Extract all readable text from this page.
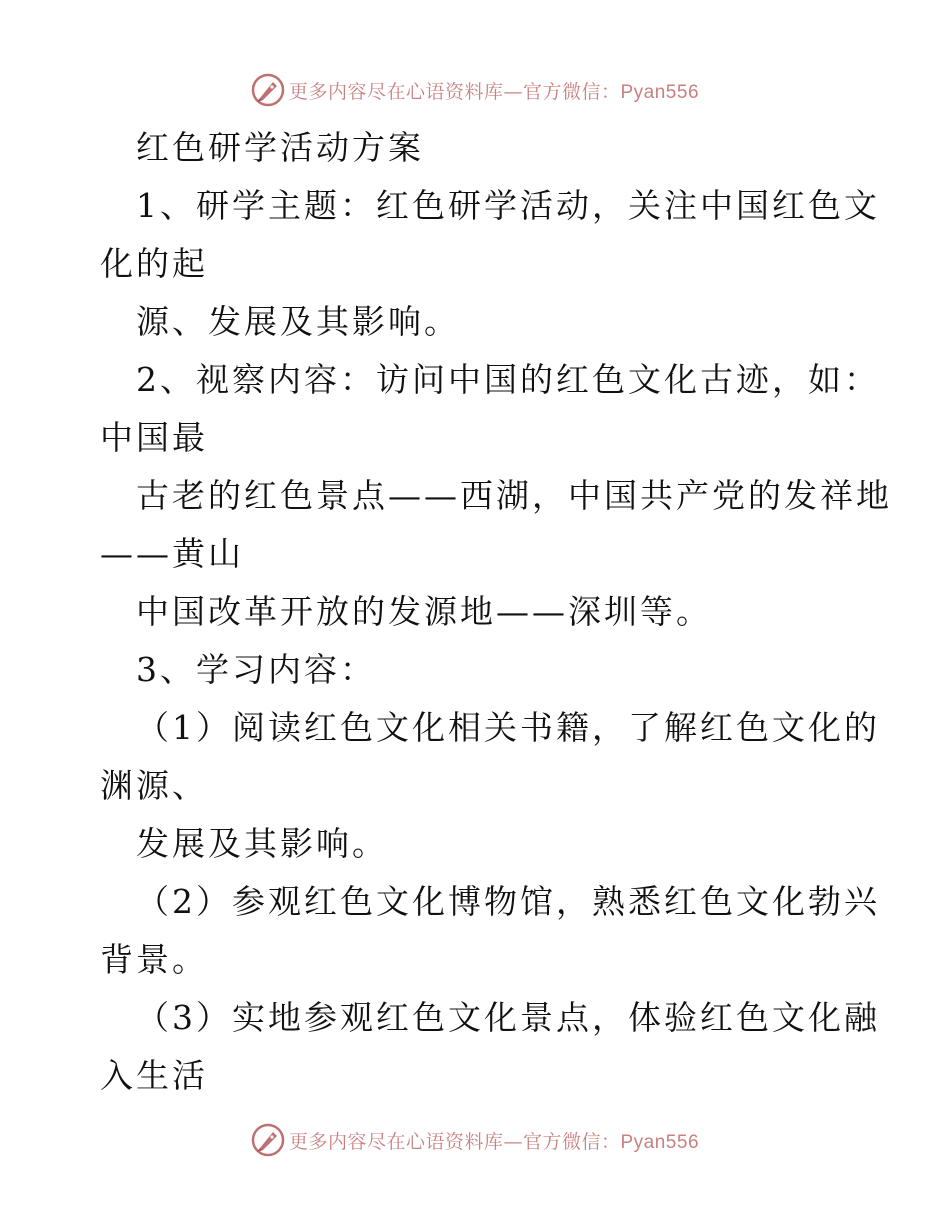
更多内容尽在心语资料库—官方微信：Pyan556
红色研学活动方案
1、研学主题：红色研学活动，关注中国红色文
化的起
源、发展及其影响。
2、视察内容：访问中国的红色文化古迹，如：
中国最
古老的红色景点——西湖，中国共产党的发祥地
——黄山
中国改革开放的发源地——深圳等。
3、学习内容：
（1）阅读红色文化相关书籍，了解红色文化的
渊源、
发展及其影响。
（2）参观红色文化博物馆，熟悉红色文化勃兴
背景。
（3）实地参观红色文化景点，体验红色文化融
入生活
更多内容尽在心语资料库—官方微信：Pyan556
